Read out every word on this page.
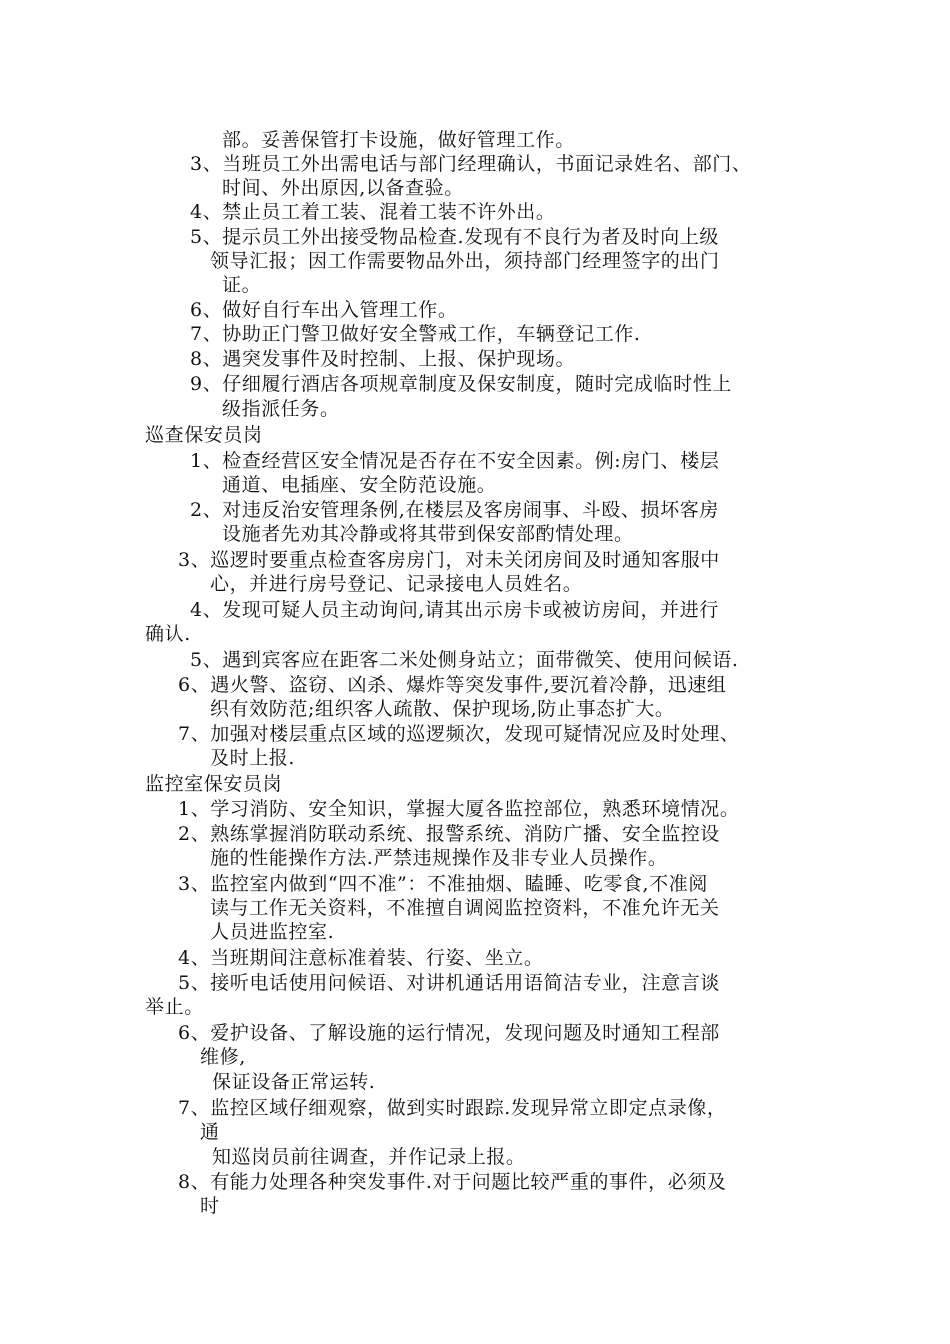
部。妥善保管打卡设施，做好管理工作。
3、当班员工外出需电话与部门经理确认，书面记录姓名、部门、
时间、外出原因,以备查验。
4、禁止员工着工装、混着工装不许外出。
5、提示员工外出接受物品检查.发现有不良行为者及时向上级
领导汇报；因工作需要物品外出，须持部门经理签字的出门
证。
6、做好自行车出入管理工作。
7、协助正门警卫做好安全警戒工作，车辆登记工作.
8、遇突发事件及时控制、上报、保护现场。
9、仔细履行酒店各项规章制度及保安制度，随时完成临时性上
级指派任务。
巡查保安员岗
1、检查经营区安全情况是否存在不安全因素。例:房门、楼层
通道、电插座、安全防范设施。
2、对违反治安管理条例,在楼层及客房闹事、斗殴、损坏客房
设施者先劝其冷静或将其带到保安部酌情处理。
3、巡逻时要重点检查客房房门，对未关闭房间及时通知客服中
心，并进行房号登记、记录接电人员姓名。
4、发现可疑人员主动询问,请其出示房卡或被访房间，并进行
确认.
5、遇到宾客应在距客二米处侧身站立；面带微笑、使用问候语.
6、遇火警、盗窃、凶杀、爆炸等突发事件,要沉着冷静，迅速组
织有效防范;组织客人疏散、保护现场,防止事态扩大。
7、加强对楼层重点区域的巡逻频次，发现可疑情况应及时处理、
及时上报.
监控室保安员岗
1、学习消防、安全知识，掌握大厦各监控部位，熟悉环境情况。
2、熟练掌握消防联动系统、报警系统、消防广播、安全监控设
施的性能操作方法.严禁违规操作及非专业人员操作。
3、监控室内做到“四不准”：不准抽烟、瞌睡、吃零食,不准阅
读与工作无关资料，不准擅自调阅监控资料，不准允许无关
人员进监控室.
4、当班期间注意标准着装、行姿、坐立。
5、接听电话使用问候语、对讲机通话用语简洁专业，注意言谈
举止。
6、爱护设备、了解设施的运行情况，发现问题及时通知工程部
维修,
保证设备正常运转.
7、监控区域仔细观察，做到实时跟踪.发现异常立即定点录像，
通
知巡岗员前往调查，并作记录上报。
8、有能力处理各种突发事件.对于问题比较严重的事件，必须及
时
